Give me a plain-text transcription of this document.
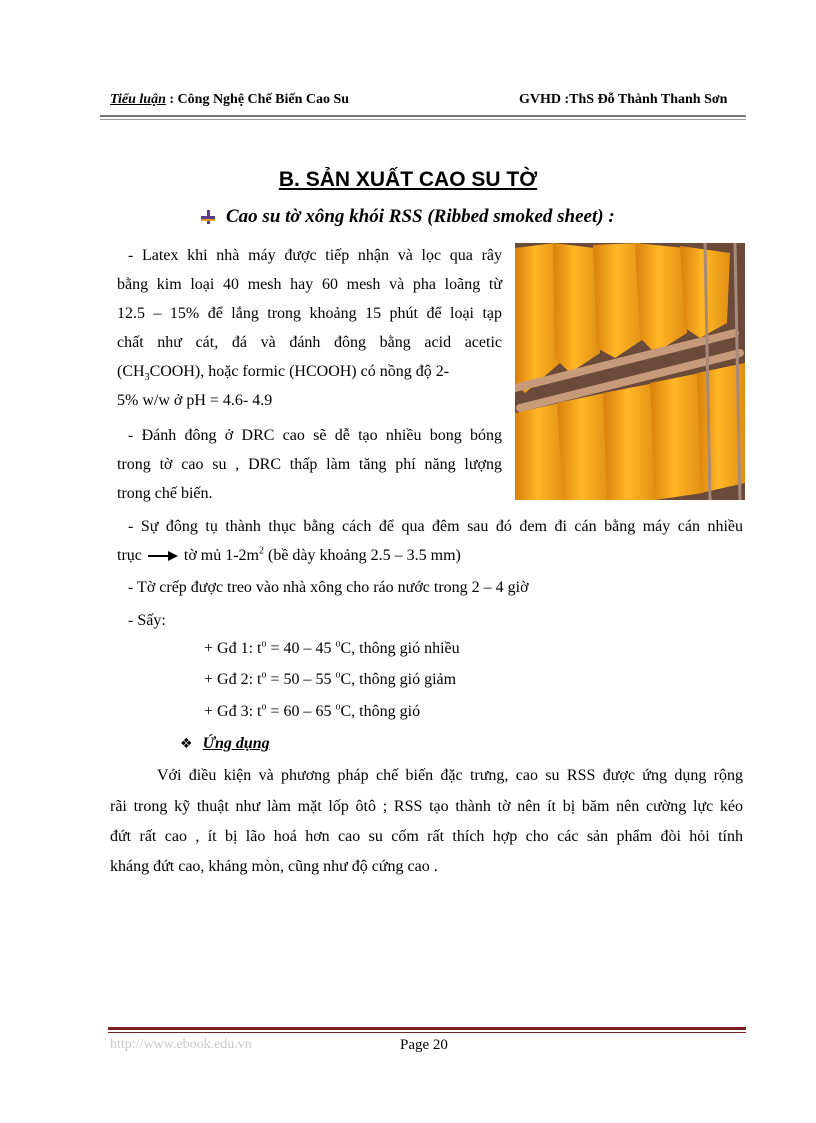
Tiểu luận : Công Nghệ Chế Biến Cao Su	GVHD :ThS Đỗ Thành Thanh Sơn
B. SẢN XUẤT CAO SU TỜ
Cao su tờ xông khói RSS (Ribbed smoked sheet) :
- Latex khi nhà máy được tiếp nhận và lọc qua rây
bằng kim loại 40 mesh hay 60 mesh và pha loãng từ
12.5 – 15% để lắng trong khoảng 15 phút để loại tạp
chất như cát, đá và đánh đông bằng acid acetic
$(CH_3COOH)$, hoặc formic (HCOOH) có nồng độ 2-
5% w/w ở pH = 4.6- 4.9
- Đánh đông ở DRC cao sẽ dễ tạo nhiều bong bóng
trong tờ cao su , DRC thấp làm tăng phí năng lượng
trong chế biến.
- Sự đông tụ thành thục bằng cách để qua đêm sau đó đem đi cán bằng máy cán nhiều
trục	tờ mủ $1-2m^2$ (bề dày khoảng 2.5 – 3.5 mm)
- Tờ crếp được treo vào nhà xông cho ráo nước trong 2 – 4 giờ
- Sấy:
+ Gđ 1: $t^o = 40 - 45$ $^o$C, thông gió nhiều
+ Gđ 2: $t^o = 50 - 55$ $^o$C, thông gió giảm
+ Gđ 3: $t^o = 60 - 65$ $^o$C, thông gió
❖ Ứng dụng
Với điều kiện và phương pháp chế biến đặc trưng, cao su RSS được ứng dụng rộng
rãi trong kỹ thuật như làm mặt lốp ôtô ; RSS tạo thành tờ nên ít bị băm nên cường lực kéo
đứt rất cao , ít bị lão hoá hơn cao su cốm rất thích hợp cho các sản phẩm đòi hỏi tính
kháng đứt cao, kháng mòn, cũng như độ cứng cao .
http://www.ebook.edu.vn	Page 20
